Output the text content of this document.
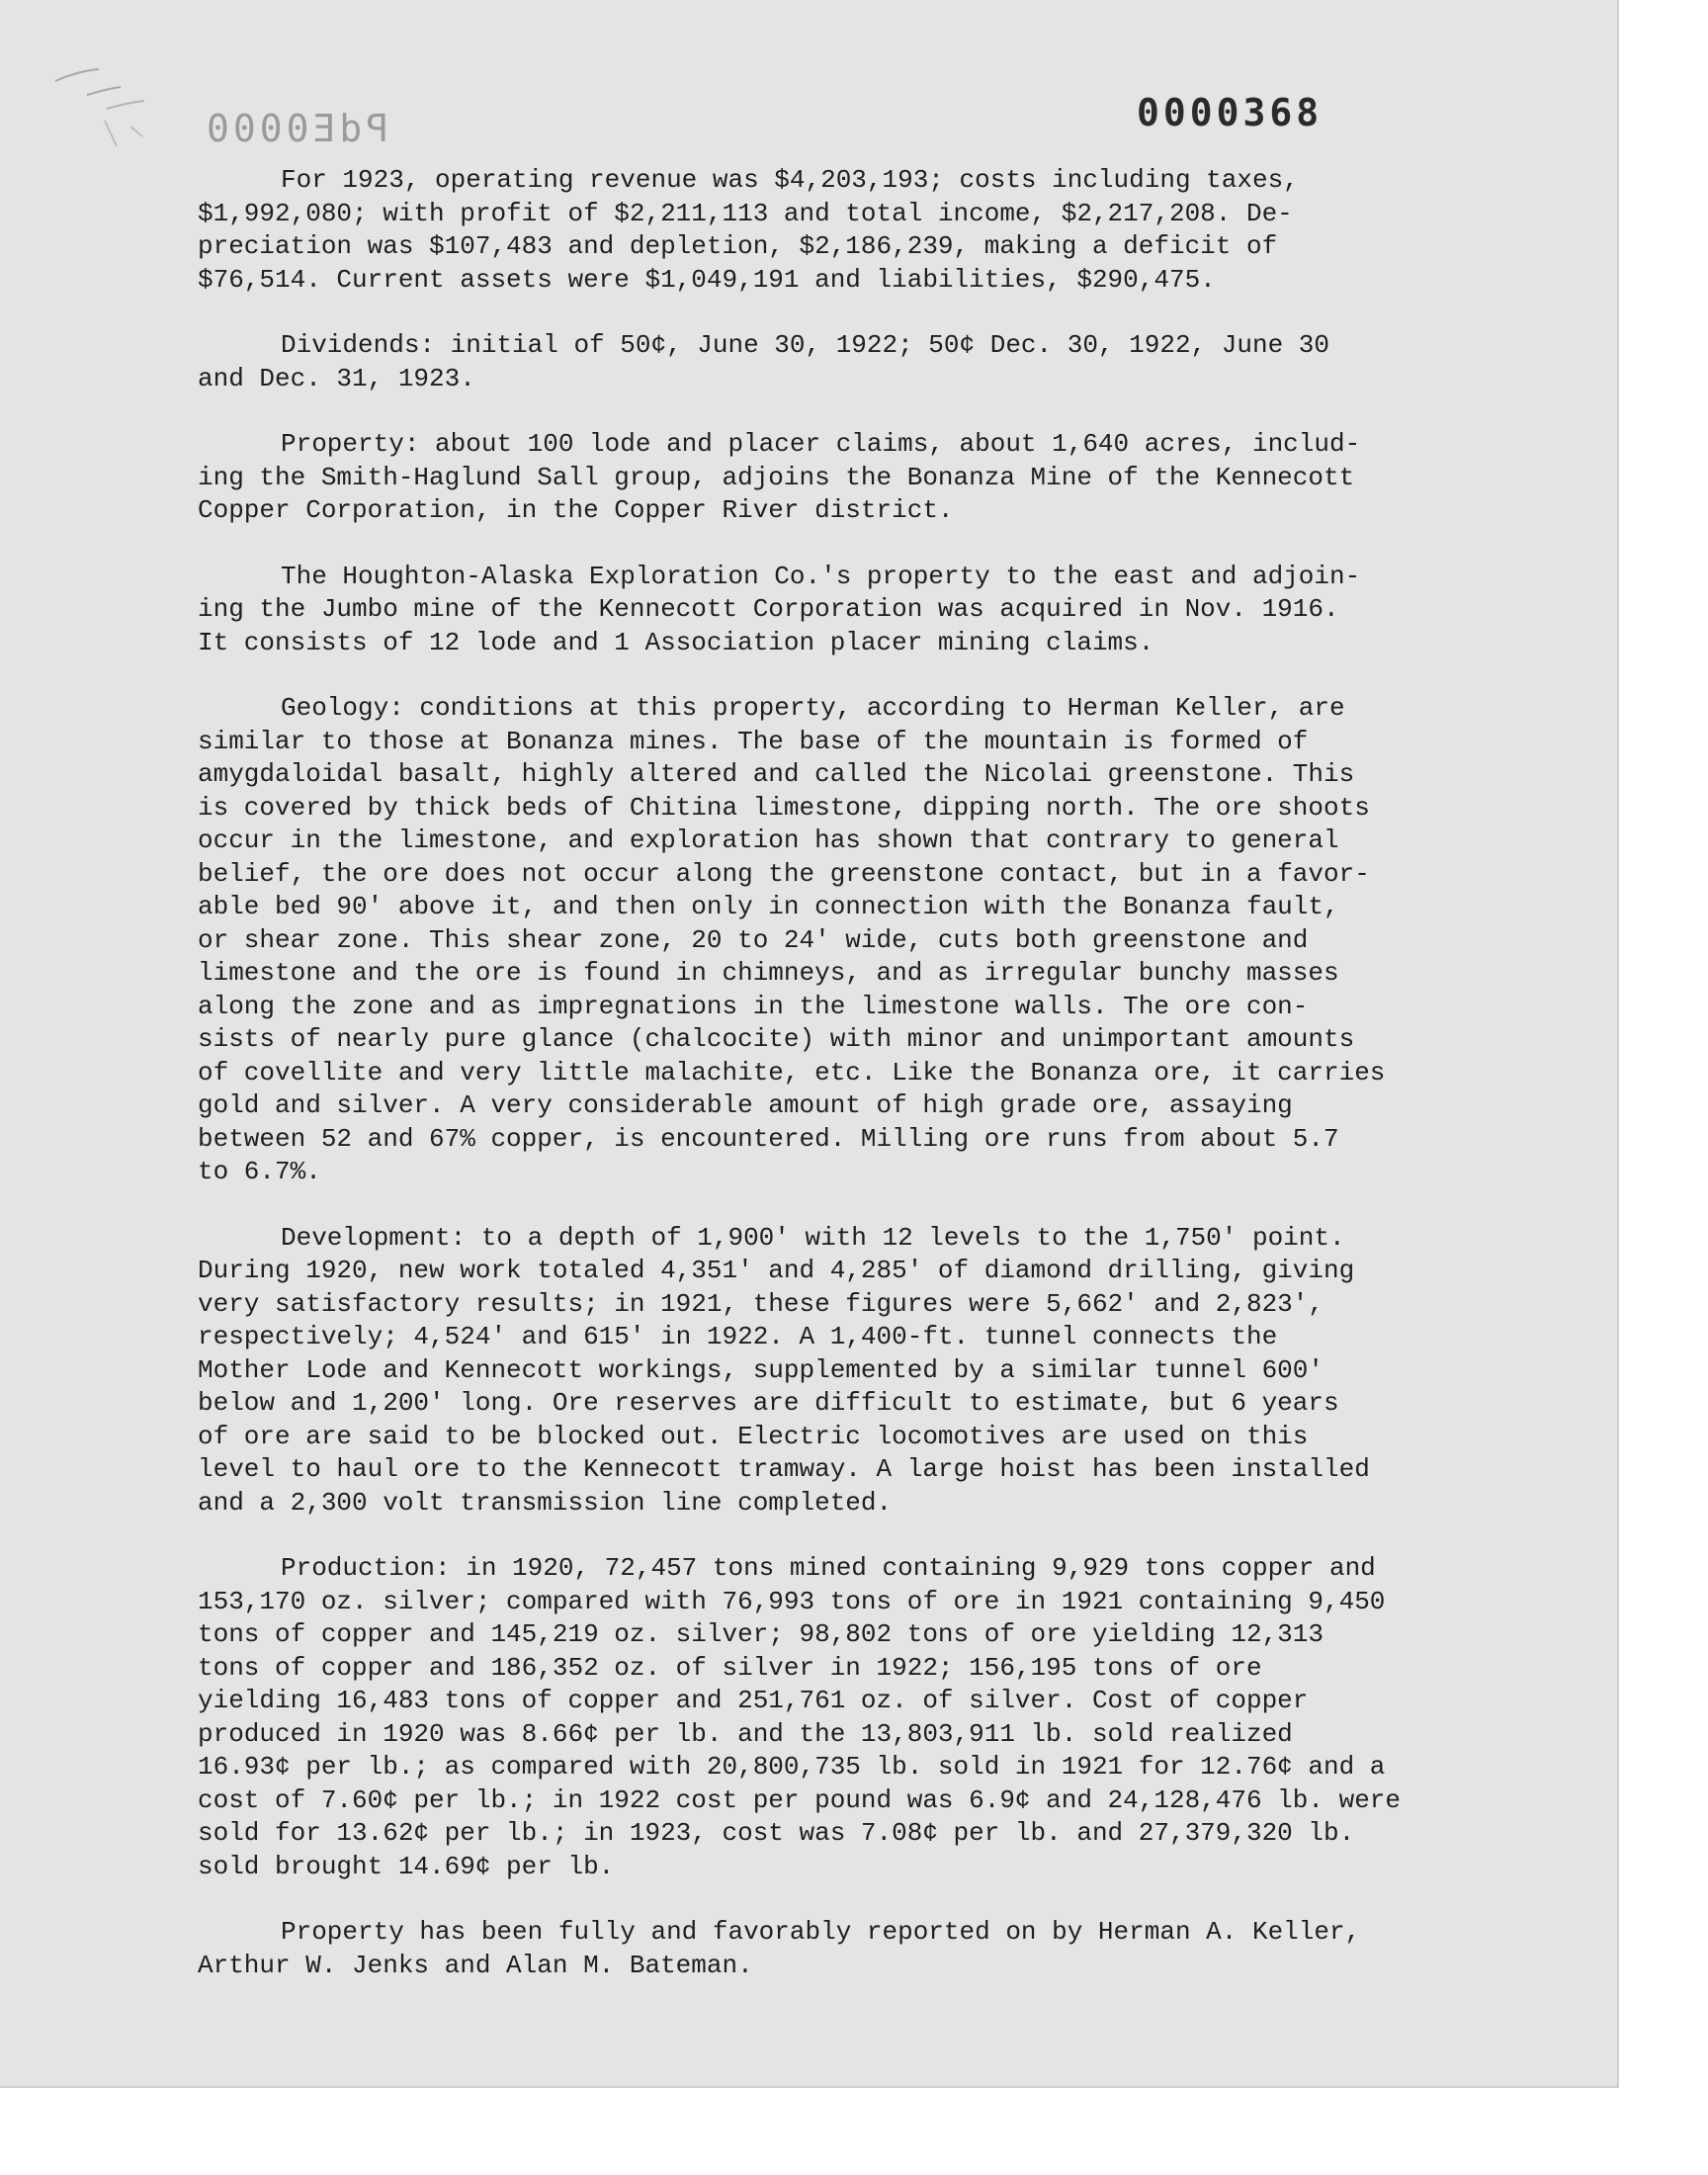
PdE0000	0000368

For 1923, operating revenue was $4,203,193; costs including taxes,
$1,992,080; with profit of $2,211,113 and total income, $2,217,208. De-
preciation was $107,483 and depletion, $2,186,239, making a deficit of
$76,514. Current assets were $1,049,191 and liabilities, $290,475.

Dividends: initial of 50¢, June 30, 1922; 50¢ Dec. 30, 1922, June 30
and Dec. 31, 1923.

Property: about 100 lode and placer claims, about 1,640 acres, includ-
ing the Smith-Haglund Sall group, adjoins the Bonanza Mine of the Kennecott
Copper Corporation, in the Copper River district.

The Houghton-Alaska Exploration Co.'s property to the east and adjoin-
ing the Jumbo mine of the Kennecott Corporation was acquired in Nov. 1916.
It consists of 12 lode and 1 Association placer mining claims.

Geology: conditions at this property, according to Herman Keller, are
similar to those at Bonanza mines. The base of the mountain is formed of
amygdaloidal basalt, highly altered and called the Nicolai greenstone. This
is covered by thick beds of Chitina limestone, dipping north. The ore shoots
occur in the limestone, and exploration has shown that contrary to general
belief, the ore does not occur along the greenstone contact, but in a favor-
able bed 90' above it, and then only in connection with the Bonanza fault,
or shear zone. This shear zone, 20 to 24' wide, cuts both greenstone and
limestone and the ore is found in chimneys, and as irregular bunchy masses
along the zone and as impregnations in the limestone walls. The ore con-
sists of nearly pure glance (chalcocite) with minor and unimportant amounts
of covellite and very little malachite, etc. Like the Bonanza ore, it carries
gold and silver. A very considerable amount of high grade ore, assaying
between 52 and 67% copper, is encountered. Milling ore runs from about 5.7
to 6.7%.

Development: to a depth of 1,900' with 12 levels to the 1,750' point.
During 1920, new work totaled 4,351' and 4,285' of diamond drilling, giving
very satisfactory results; in 1921, these figures were 5,662' and 2,823',
respectively; 4,524' and 615' in 1922. A 1,400-ft. tunnel connects the
Mother Lode and Kennecott workings, supplemented by a similar tunnel 600'
below and 1,200' long. Ore reserves are difficult to estimate, but 6 years
of ore are said to be blocked out. Electric locomotives are used on this
level to haul ore to the Kennecott tramway. A large hoist has been installed
and a 2,300 volt transmission line completed.

Production: in 1920, 72,457 tons mined containing 9,929 tons copper and
153,170 oz. silver; compared with 76,993 tons of ore in 1921 containing 9,450
tons of copper and 145,219 oz. silver; 98,802 tons of ore yielding 12,313
tons of copper and 186,352 oz. of silver in 1922; 156,195 tons of ore
yielding 16,483 tons of copper and 251,761 oz. of silver. Cost of copper
produced in 1920 was 8.66¢ per lb. and the 13,803,911 lb. sold realized
16.93¢ per lb.; as compared with 20,800,735 lb. sold in 1921 for 12.76¢ and a
cost of 7.60¢ per lb.; in 1922 cost per pound was 6.9¢ and 24,128,476 lb. were
sold for 13.62¢ per lb.; in 1923, cost was 7.08¢ per lb. and 27,379,320 lb.
sold brought 14.69¢ per lb.

Property has been fully and favorably reported on by Herman A. Keller,
Arthur W. Jenks and Alan M. Bateman.
